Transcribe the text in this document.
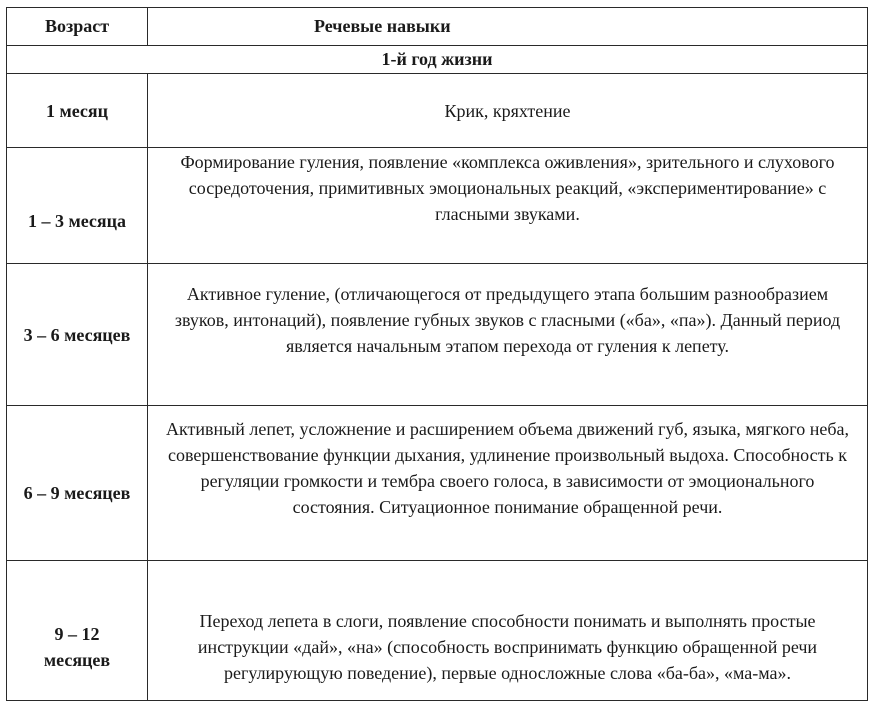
Возраст	Речевые навыки
1-й год жизни	
1 месяц	Крик, кряхтение

1 – 3 месяца	Формирование гуления, появление «комплекса оживления», зрительного и слухового сосредоточения, примитивных эмоциональных реакций, «экспериментирование» с гласными звуками.

3 – 6 месяцев	Активное гуление, (отличающегося от предыдущего этапа большим разнообразием звуков, интонаций), появление губных звуков с гласными («ба», «па»). Данный период является начальным этапом перехода от гуления к лепету.

6 – 9 месяцев	Активный лепет, усложнение и расширением объема движений губ, языка, мягкого неба, совершенствование функции дыхания, удлинение произвольный выдоха. Способность к регуляции громкости и тембра своего голоса, в зависимости от эмоционального состояния. Ситуационное понимание обращенной речи.

9 – 12
месяцев	Переход лепета в слоги, появление способности понимать и выполнять простые инструкции «дай», «на» (способность воспринимать функцию обращенной речи регулирующую поведение), первые односложные слова «ба-ба», «ма-ма».
